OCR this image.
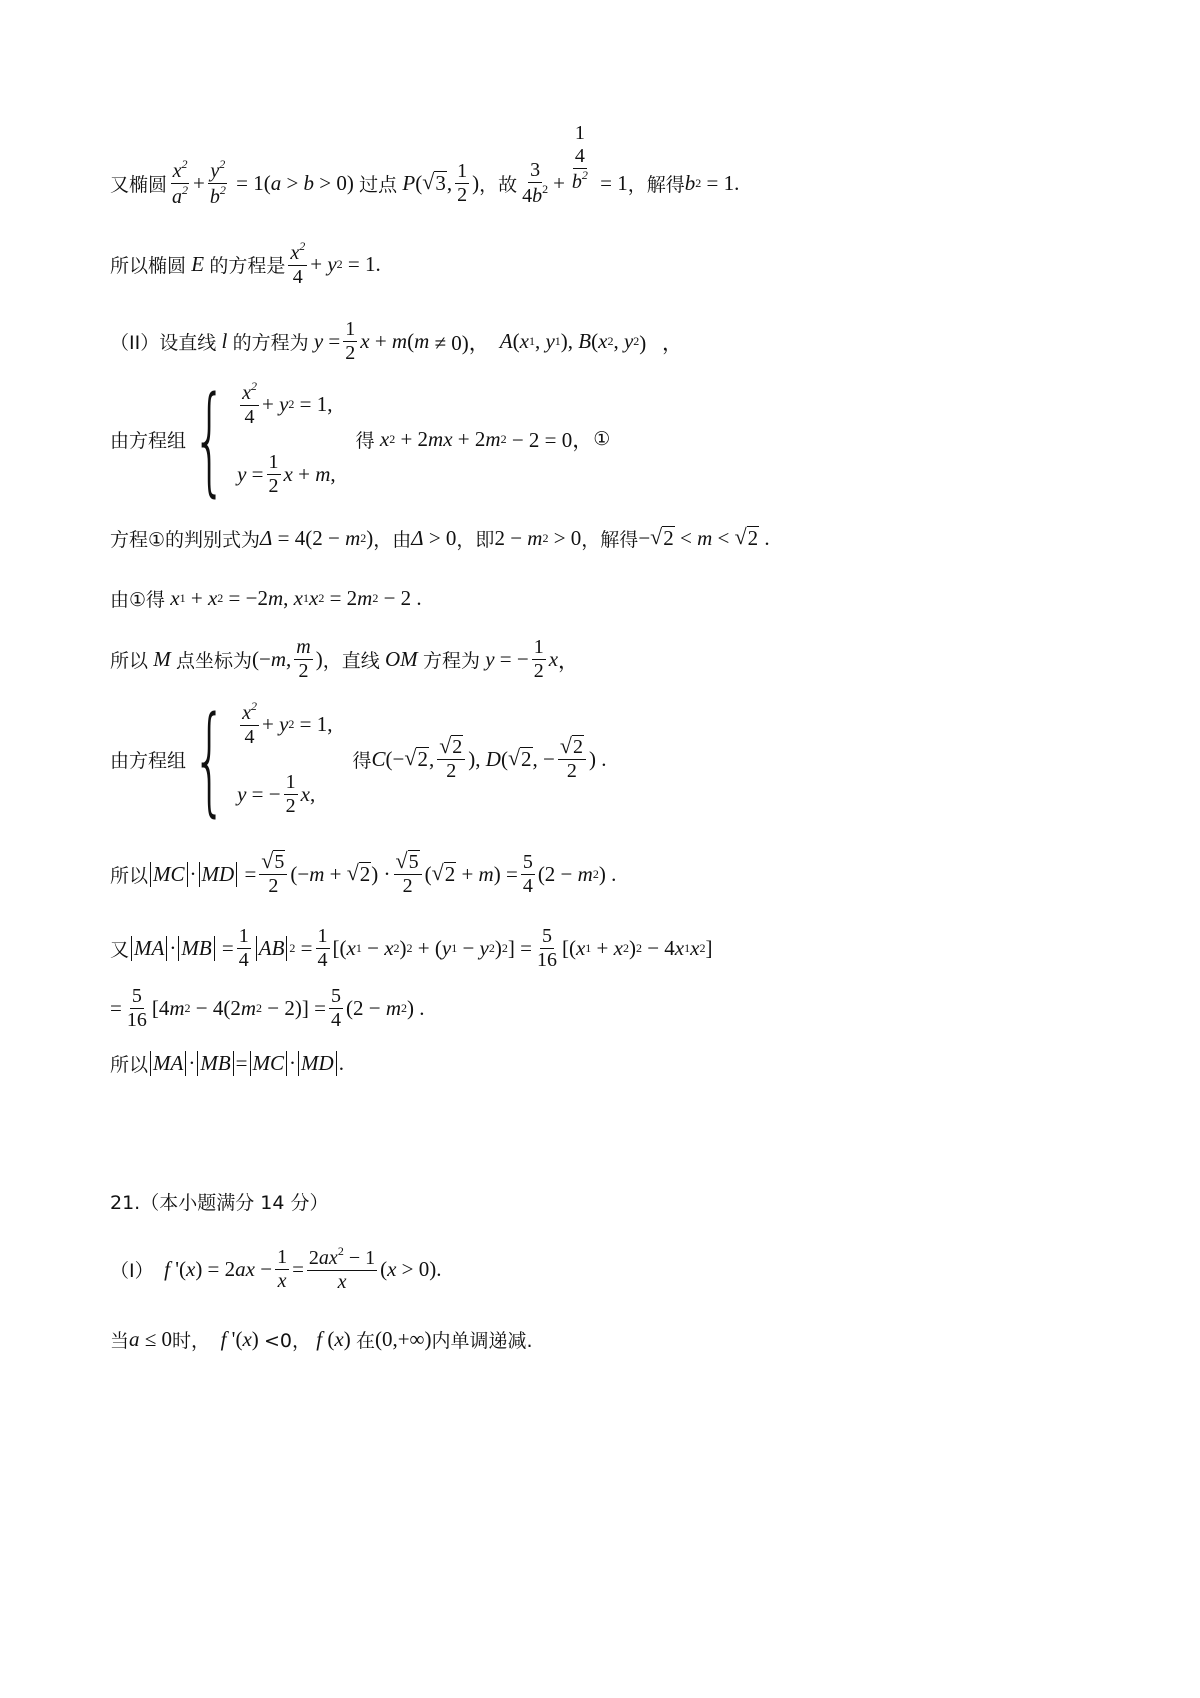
又椭圆 $\frac{x^2}{a^2} + \frac{y^2}{b^2} = 1$( a > b > 0) 过点
P ( √ 3 , $\frac{1}{2}$ ) ，故 $\frac{3}{4b^2}$ +
1
$\frac{4}{b^2} = 1$ ，解得 b 2 = 1.
所以椭圆
E
的方程是 $\frac{x^2}{4} + y$ 2 = 1.
（II）设直线
l
的方程为
$y = \frac{1}{2}$ x + m ( m ≠ 0)， A ( x 1 , y 1 ), B ( x 2 , y 2 )   ，
由方程组 { $\frac{x^2}{4} + y$ 2 = 1,
$y = \frac{1}{2}$ x + m ,
得
x 2 + 2 mx + 2 m 2 − 2 = 0， ①
方程①的判别式为 Δ = 4(2 − m 2 ) ，由 Δ > 0 ，即 2 − m 2 > 0 ，解得 − √ 2 < m < √ 2 .
由①得
x 1 + x 2 = −2 m , x 1 x 2 = 2 m 2 − 2 .
所以
M
点坐标为 (− m , $\frac{m}{2}$ ) ，直线
OM
方程为
y = − $\frac{1}{2}$ x ，
由方程组 { $\frac{x^2}{4} + y$ 2 = 1,
y = − $\frac{1}{2}$ x ,
得 C (− √ 2 , $\frac{√ 2}{2}$ ), D ( √ 2 , − $\frac{√ 2}{2}$ ) .
所以 MC · MD = $\frac{√ 5}{2}$ (− m + √ 2 ) · $\frac{√ 5}{2}$ ( √ 2 + m ) = $\frac{5}{4} (2 - m$ 2 ) .
又 MA · MB = $\frac{1}{4}$ AB $2 = \frac{1}{4}$ [( x 1 − x 2 ) 2 + ( y 1 − y 2 ) 2 ] = $\frac{5}{16}$ [( x 1 + x 2 ) 2 − 4 x 1 x 2 ]
= $\frac{5}{16} [4$ m 2 − 4(2 m $2 - 2)] = \frac{5}{4} (2 - m$ 2 ) .
所以 MA · MB = MC · MD .
21.（本小题满分 14 分）
（I）
f '( x ) = 2 ax − $\frac{1}{x} = \frac{2ax^2 - 1}{x}$ ( x > 0).
当 a ≤ 0 时，
f '( x ) <0，
f ( x ) 在 (0,+∞) 内单调递减.
